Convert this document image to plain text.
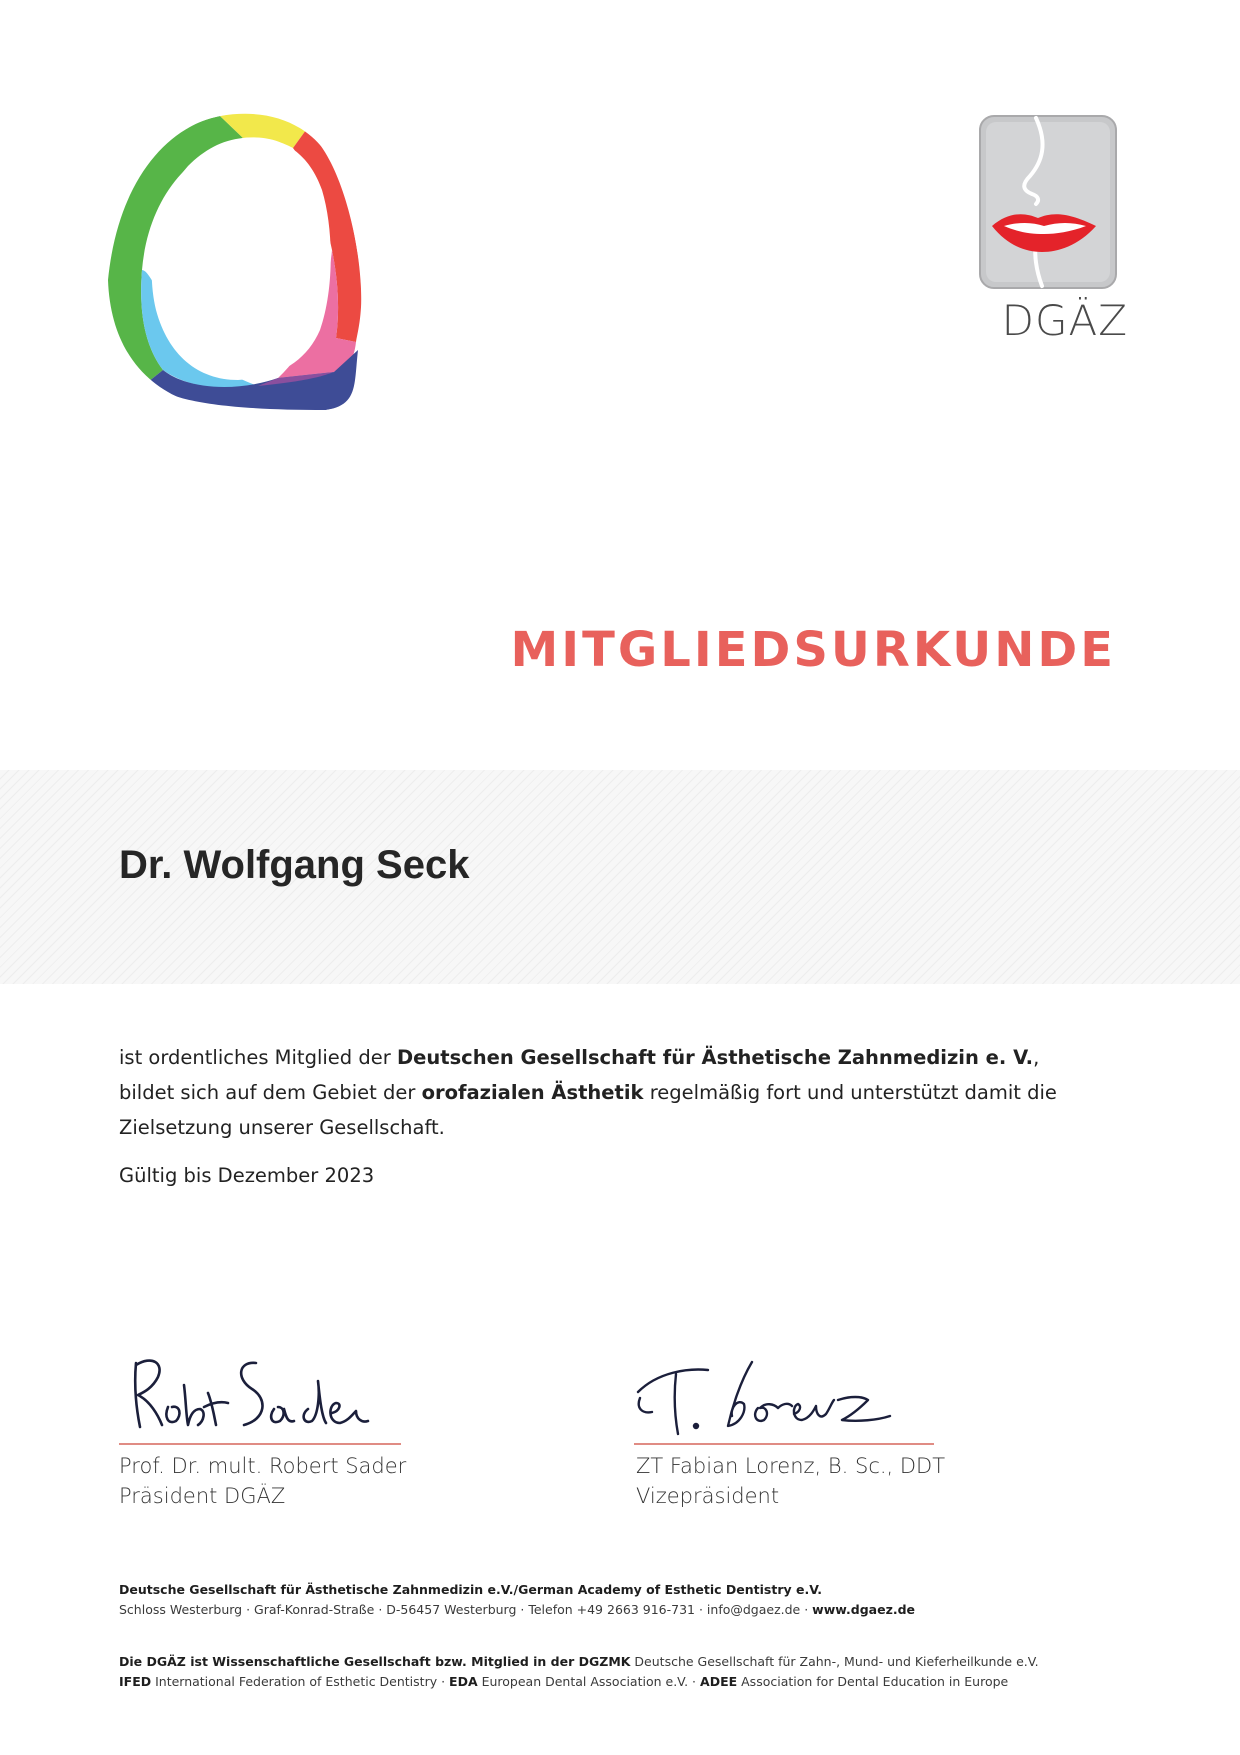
DGÄZ
MITGLIEDSURKUNDE
Dr. Wolfgang Seck
ist ordentliches Mitglied der Deutschen Gesellschaft für Ästhetische Zahnmedizin e. V., bildet sich auf dem Gebiet der orofazialen Ästhetik regelmäßig fort und unterstützt damit die Zielsetzung unserer Gesellschaft.
Gültig bis Dezember 2023
Prof. Dr. mult. Robert Sader
Präsident DGÄZ
ZT Fabian Lorenz, B. Sc., DDT
Vizepräsident
Deutsche Gesellschaft für Ästhetische Zahnmedizin e.V./German Academy of Esthetic Dentistry e.V.
Schloss Westerburg · Graf-Konrad-Straße · D-56457 Westerburg · Telefon +49 2663 916-731 · info@dgaez.de · www.dgaez.de
Die DGÄZ ist Wissenschaftliche Gesellschaft bzw. Mitglied in der DGZMK Deutsche Gesellschaft für Zahn-, Mund- und Kieferheilkunde e.V.
IFED International Federation of Esthetic Dentistry · EDA European Dental Association e.V. · ADEE Association for Dental Education in Europe
